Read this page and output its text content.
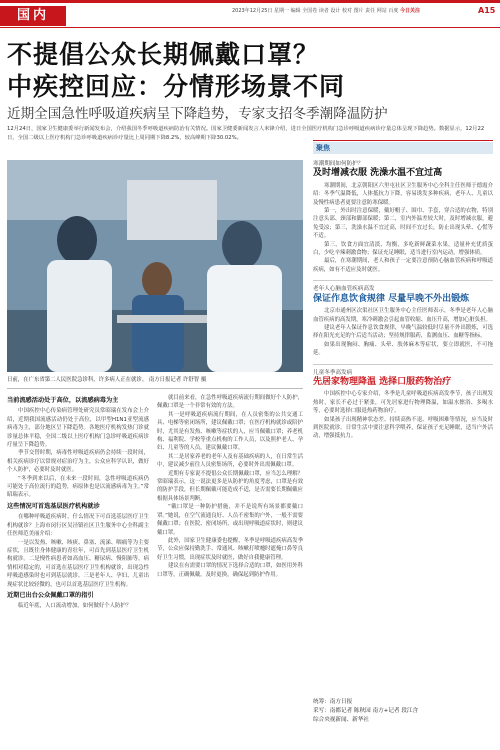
国内	2023年12月25日 星期一 编辑 全国卷 读者 设计 校对 图片 责任 网站 百度 今日关注	A15
不提倡公众长期佩戴口罩？
中疾控回应：分情形场景不同
近期全国急性呼吸道疾病呈下降趋势，专家支招冬季潮降温防护
12月24日，国家卫生健康委举行新闻发布会，介绍我国冬季呼吸道疾病防治有关情况。国家卫健委新闻发言人米锋介绍，进日全国医疗机构门急诊呼吸道疾病诊疗量总体呈现下降趋势。数据显示，12月22日，全国二级以上医疗机构门急诊呼吸道疾病诊疗量比上周同期下降8.2%，较高峰期下降30.02%。
日前，在广东省第二人民医院急诊科，许多病人正在就诊。 南方日报记者 许舒智 摄
当前流感活动处于高位，以流感病毒为主

中国疾控中心传染病管理处研究员常昭瑞在发布会上介绍，近期我国流感活动仍处于高位，以甲型H1N1亚型流感病毒为主，部分地区呈下降趋势。各地医疗机构发热门诊就诊量总体平稳，全国二级以上医疗机构门急诊呼吸道疾病诊疗量呈下降趋势。

季节交替时期，病毒性呼吸道疾病仍会持续一段时间，相关疾病诊疗以常规对症治疗为主，公众应科学认识，做好个人防护，必要时及时就医。

“冬季到来以后，在未来一段时间，急性呼吸道疾病仍可能处于高位流行的趋势，病原体也是以流感病毒为主。”常昭瑞表示。

这些情况可首选基层医疗机构就诊

在哪种呼吸道疾病时，什么情况下可首选基层医疗卫生机构就诊？上海市闵行区吴泾镇社区卫生服务中心全科副主任医师范美丽介绍：

一是以发热、咳嗽、咳痰、鼻塞、流涕、咽痛等为主要症状，且既往身体健康的青壮年，可首先到基层医疗卫生机构就诊。二是慢性病患者如高血压、糖尿病、慢阻肺等，病情相对稳定的，可首选在基层医疗卫生机构就诊，出现急性呼吸道感染时也可到基层就诊。三是老年人、孕妇、儿童出现症状比较轻微的，也可以首选基层医疗卫生机构。

近期已出台公众佩戴口罩的指引

临近年底，人口流动增加，如何做好个人防护？

就目前来看，在急性呼吸道疾病流行期间做好个人防护，佩戴口罩是一个非常有效的方法。

其一是呼吸道疾病流行期间，在人员密集的公共交通工具、电梯等密闭场所，建议佩戴口罩；在医疗机构就诊或陪护时，尤其是有发热、咳嗽等症状的人，应当佩戴口罩；养老机构、福利院、学校等重点机构的工作人员，以及照护老人、孕妇、儿童等的人员，建议佩戴口罩。

其二是居家养老的老年人及有基础疾病的人，在日常生活中，建议减少前往人员密集场所，必要时外出需佩戴口罩。

近期有专家说不提倡公众长期佩戴口罩，应当怎么理解？常昭瑞表示，这一说法更多是从防护的角度考虑，口罩是有效的防护手段，但长期佩戴可能造成不适，是否需要长期佩戴应根据具体场景判断。

“戴口罩是一种防护措施，并不是说所有场景都要戴口罩。”她说，在空气流通良好、人员不密集的户外，一般不需要佩戴口罩；在医院、密闭场所，或出现呼吸道症状时，则建议戴口罩。

此外，国家卫生健康委也提醒，冬季是呼吸道疾病高发季节，公众应保持勤洗手、常通风、咳嗽打喷嚏时遮掩口鼻等良好卫生习惯，出现症状及时就医，做好自我健康管理。

建议在有需要口罩的情况下选择合适的口罩，如医用外科口罩等，正确佩戴，及时更换，确保起到防护作用。

聚焦
寒潮期间如何防护？
及时增减衣服 洗澡水温不宜过高

寒潮期间，北京朝阳区六里屯社区卫生服务中心全科主任医师于德霞介绍：冬季气温降低，人体抵抗力下降，容易诱发多种疾病，老年人、儿童以及慢性病患者更要注意防寒保暖。

第一，外出时注意保暖，戴好帽子、围巾、手套，穿合适的衣物，特别注意头部、颈部和脚部保暖；第二，室内外温差较大时，及时增减衣服，避免受凉；第三，洗澡水温不宜过高，时间不宜过长，防止出现头晕、心慌等不适。

第三，饮食方面宜清淡、均衡，多吃新鲜蔬菜水果，适量补充优质蛋白，少吃辛辣刺激食物；保证充足睡眠，适当进行室内运动，增强体质。

最后，在寒潮期间，老人和孩子一定要注意预防心脑血管疾病和呼吸道疾病，如有不适应及时就医。

老年人心脑血管疾病高发
保证作息饮食规律 尽量早晚不外出锻炼

北京市通州区次渠社区卫生服务中心主任医师表示，冬季是老年人心脑血管疾病的高发期，寒冷刺激会引起血管收缩、血压升高，增加心脏负担。

建议老年人保证作息饮食规律，早晚气温较低时尽量不外出锻炼，可选择在阳光充足的午后适当活动；坚持规律服药，监测血压、血糖等指标。

如果出现胸闷、胸痛、头晕、肢体麻木等症状，要立即就医，不可拖延。

儿童冬季高发病
先居家物理降温 选择口服药物治疗

中国疾控中心专家介绍，冬季是儿童呼吸道疾病高发季节，孩子出现发热时，家长不必过于紧张，可先居家进行物理降温，如温水擦浴、多喝水等，必要时选择口服退热药物治疗。

如果孩子出现精神状态差、持续高热不退、呼吸困难等情况，应当及时到医院就诊。日常生活中要注意科学喂养，保证孩子充足睡眠，适当户外活动，增强抵抗力。

统筹：南方日报
采写：南都记者 陈秋园 南方+记者 段江含
综合央视新闻、新华社
